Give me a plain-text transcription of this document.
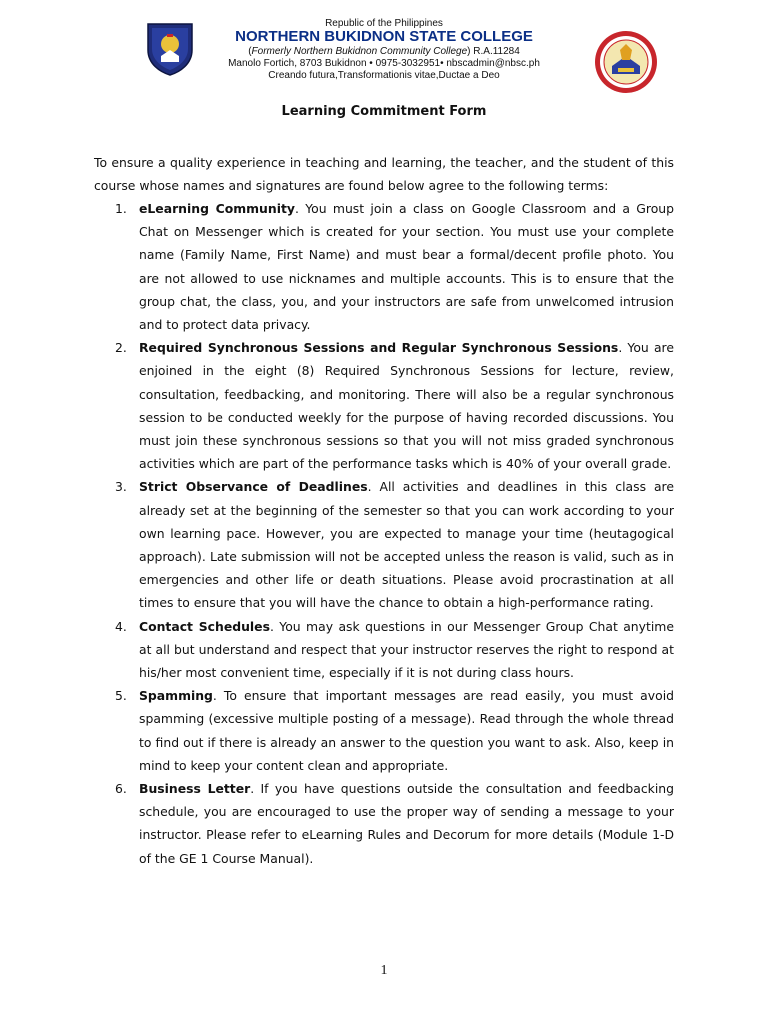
Republic of the Philippines
NORTHERN BUKIDNON STATE COLLEGE
(Formerly Northern Bukidnon Community College) R.A.11284
Manolo Fortich, 8703 Bukidnon • 0975-3032951• nbscadmin@nbsc.ph
Creando futura,Transformationis vitae,Ductae a Deo
Learning Commitment Form
To ensure a quality experience in teaching and learning, the teacher, and the student of this course whose names and signatures are found below agree to the following terms:
1. eLearning Community. You must join a class on Google Classroom and a Group Chat on Messenger which is created for your section. You must use your complete name (Family Name, First Name) and must bear a formal/decent profile photo. You are not allowed to use nicknames and multiple accounts. This is to ensure that the group chat, the class, you, and your instructors are safe from unwelcomed intrusion and to protect data privacy.
2. Required Synchronous Sessions and Regular Synchronous Sessions. You are enjoined in the eight (8) Required Synchronous Sessions for lecture, review, consultation, feedbacking, and monitoring. There will also be a regular synchronous session to be conducted weekly for the purpose of having recorded discussions. You must join these synchronous sessions so that you will not miss graded synchronous activities which are part of the performance tasks which is 40% of your overall grade.
3. Strict Observance of Deadlines. All activities and deadlines in this class are already set at the beginning of the semester so that you can work according to your own learning pace. However, you are expected to manage your time (heutagogical approach). Late submission will not be accepted unless the reason is valid, such as in emergencies and other life or death situations. Please avoid procrastination at all times to ensure that you will have the chance to obtain a high-performance rating.
4. Contact Schedules. You may ask questions in our Messenger Group Chat anytime at all but understand and respect that your instructor reserves the right to respond at his/her most convenient time, especially if it is not during class hours.
5. Spamming. To ensure that important messages are read easily, you must avoid spamming (excessive multiple posting of a message). Read through the whole thread to find out if there is already an answer to the question you want to ask. Also, keep in mind to keep your content clean and appropriate.
6. Business Letter. If you have questions outside the consultation and feedbacking schedule, you are encouraged to use the proper way of sending a message to your instructor. Please refer to eLearning Rules and Decorum for more details (Module 1-D of the GE 1 Course Manual).
1
